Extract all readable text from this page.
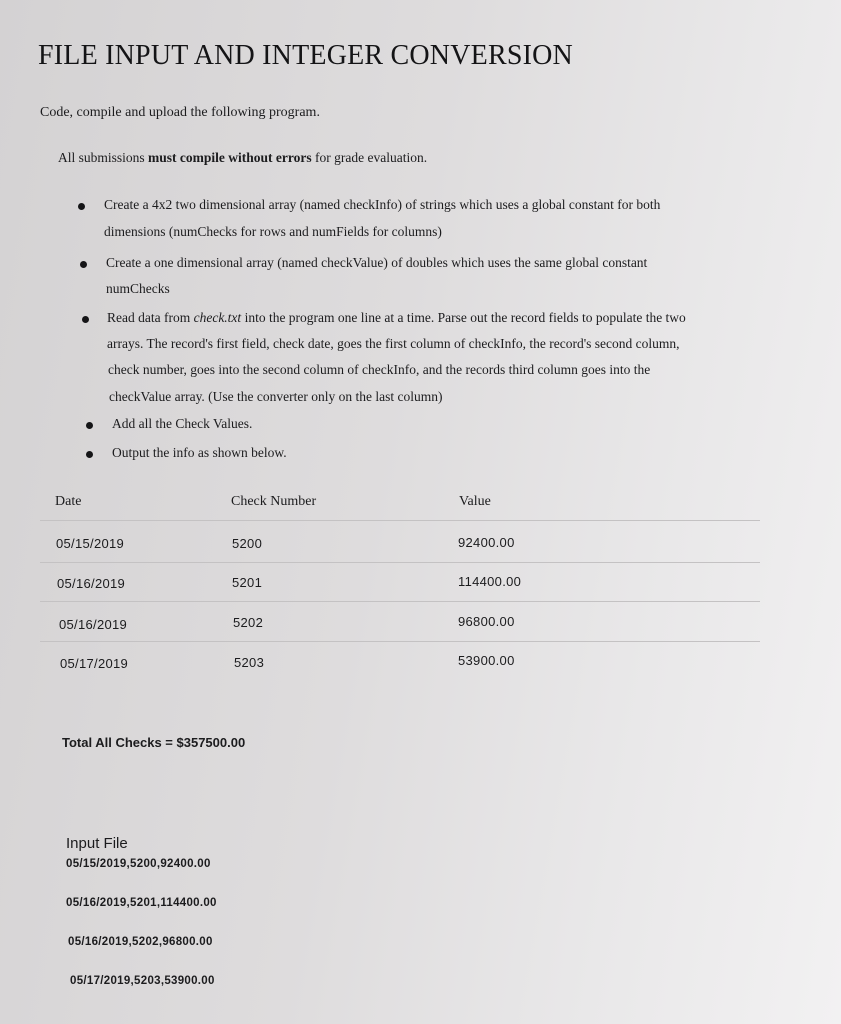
FILE INPUT AND INTEGER CONVERSION
Code, compile and upload the following program.
All submissions must compile without errors for grade evaluation.
Create a 4x2 two dimensional array (named checkInfo) of strings which uses a global constant for both
dimensions (numChecks for rows and numFields for columns)
Create a one dimensional array (named checkValue) of doubles which uses the same global constant
numChecks
Read data from check.txt into the program one line at a time. Parse out the record fields to populate the two
arrays. The record's first field, check date, goes the first column of checkInfo, the record's second column,
check number, goes into the second column of checkInfo, and the records third column goes into the
checkValue array. (Use the converter only on the last column)
Add all the Check Values.
Output the info as shown below.
Date	Check Number	Value
05/15/2019	5200	92400.00
05/16/2019	5201	114400.00
05/16/2019	5202	96800.00
05/17/2019	5203	53900.00
Total All Checks = $357500.00
Input File
05/15/2019,5200,92400.00
05/16/2019,5201,114400.00
05/16/2019,5202,96800.00
05/17/2019,5203,53900.00
